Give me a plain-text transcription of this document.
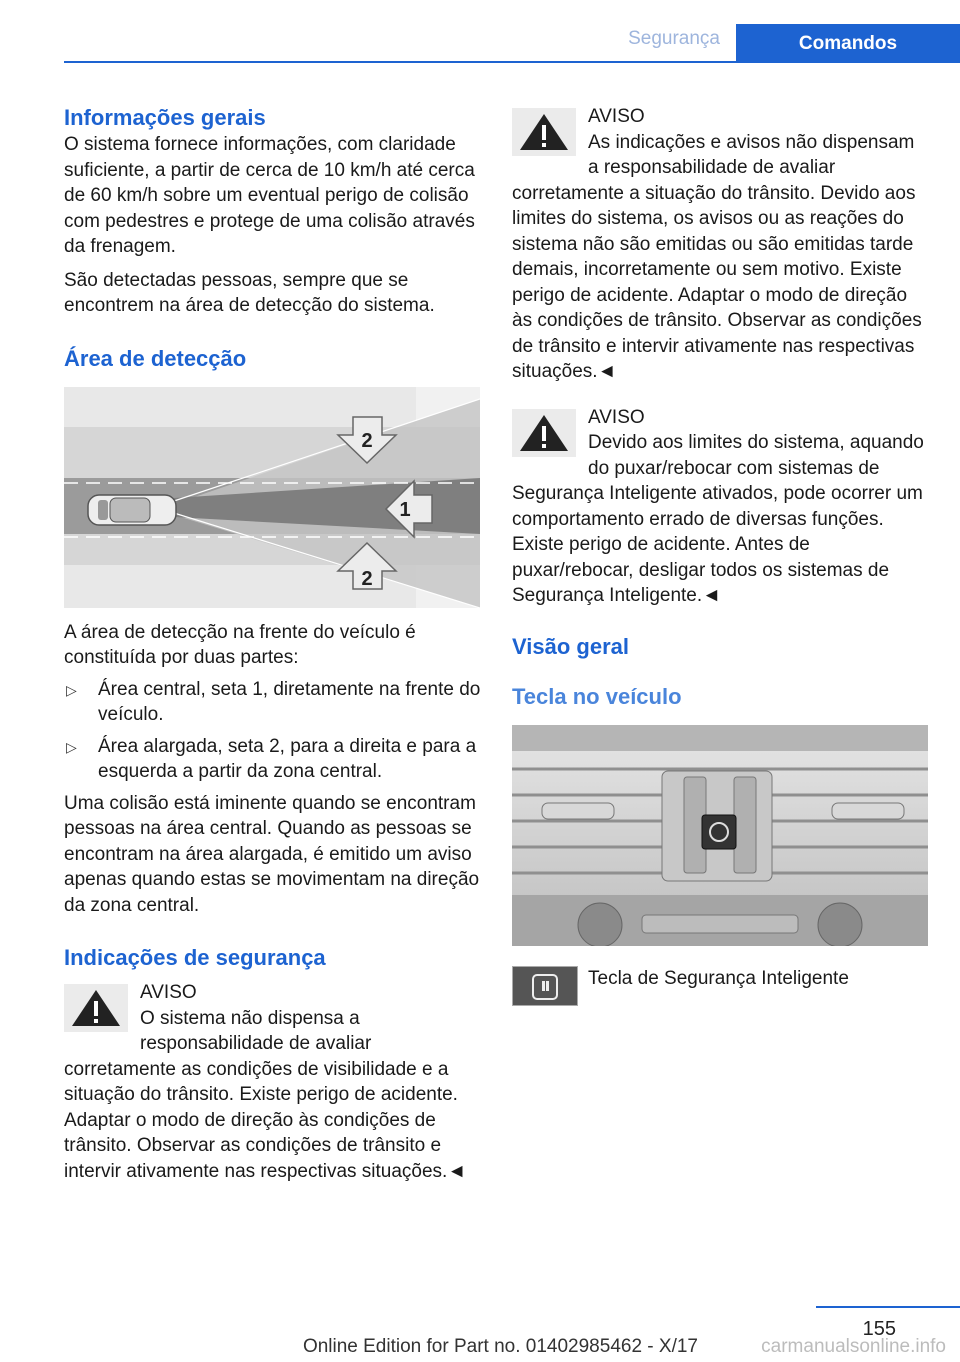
Segurança	Comandos
Informações gerais

O sistema fornece informações, com claridade suficiente, a partir de cerca de 10 km/h até cerca de 60 km/h sobre um eventual perigo de colisão com pedestres e protege de uma colisão através da frenagem.

São detectadas pessoas, sempre que se encontrem na área de detecção do sistema.

Área de detecção
2
1
2

A área de detecção na frente do veículo é constituída por duas partes:

▷ Área central, seta 1, diretamente na frente do veículo.
▷ Área alargada, seta 2, para a direita e para a esquerda a partir da zona central.

Uma colisão está iminente quando se encontram pessoas na área central. Quando as pessoas se encontram na área alargada, é emitido um aviso apenas quando estas se movimentam na direção da zona central.

Indicações de segurança
AVISO
O sistema não dispensa a responsabilidade de avaliar corretamente as condições de visibilidade e a situação do trânsito. Existe perigo de acidente. Adaptar o modo de direção às condições de trânsito. Observar as condições de trânsito e intervir ativamente nas respectivas situações.◄
AVISO
As indicações e avisos não dispensam a responsabilidade de avaliar corretamente a situação do trânsito. Devido aos limites do sistema, os avisos ou as reações do sistema não são emitidas ou são emitidas tarde demais, incorretamente ou sem motivo. Existe perigo de acidente. Adaptar o modo de direção às condições de trânsito. Observar as condições de trânsito e intervir ativamente nas respectivas situações.◄
AVISO
Devido aos limites do sistema, aquando do puxar/rebocar com sistemas de Segurança Inteligente ativados, pode ocorrer um comportamento errado de diversas funções. Existe perigo de acidente. Antes de puxar/rebocar, desligar todos os sistemas de Segurança Inteligente.◄
Visão geral
Tecla no veículo
Tecla de Segurança Inteligente
155
Online Edition for Part no. 01402985462 - X/17	carmanualsonline.info
